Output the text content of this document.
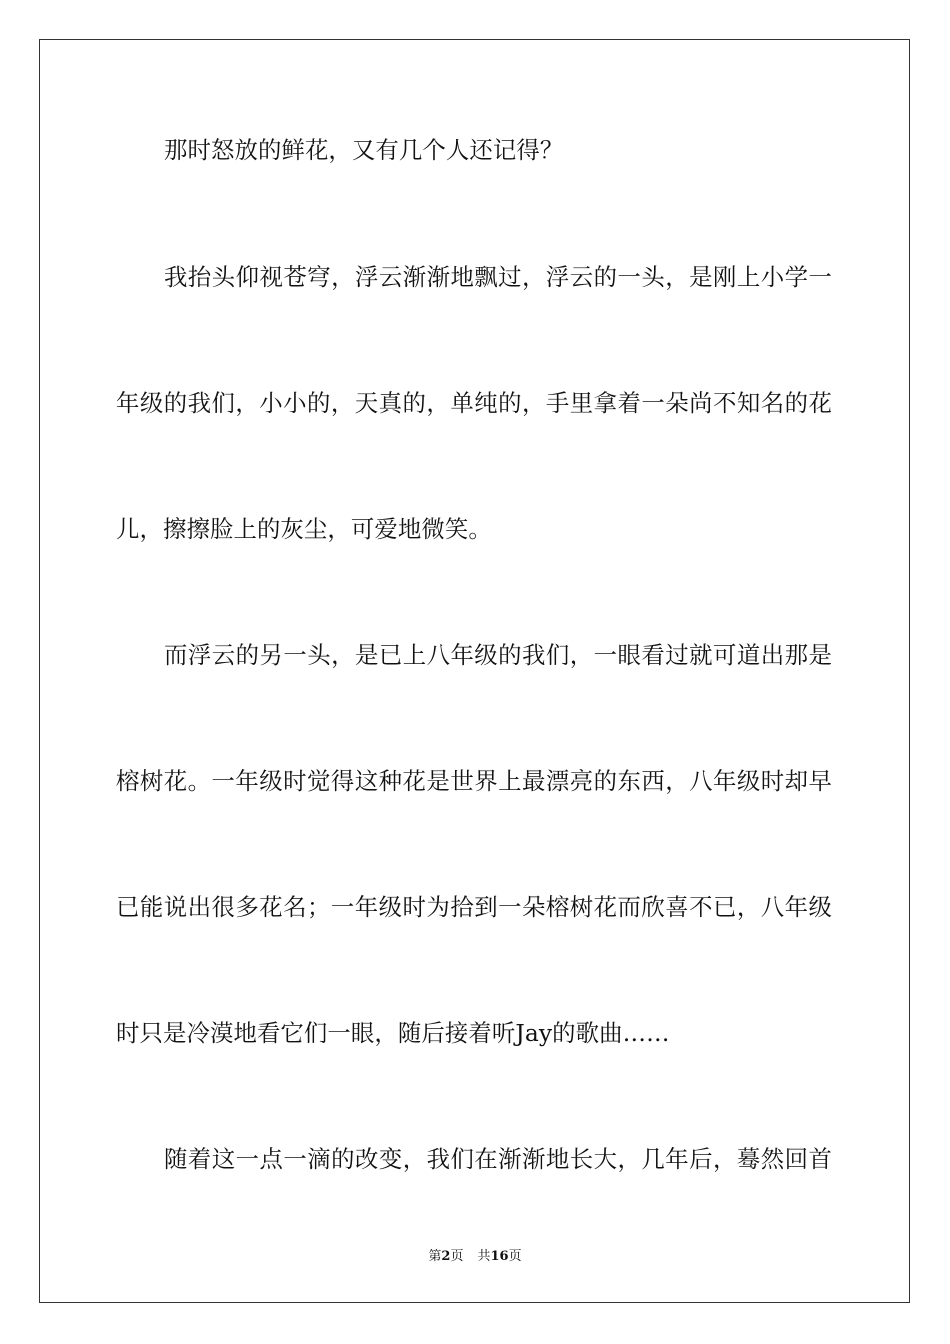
那时怒放的鲜花，又有几个人还记得？
我抬头仰视苍穹，浮云渐渐地飘过，浮云的一头，是刚上小学一
年级的我们，小小的，天真的，单纯的，手里拿着一朵尚不知名的花
儿，擦擦脸上的灰尘，可爱地微笑。
而浮云的另一头，是已上八年级的我们，一眼看过就可道出那是
榕树花。一年级时觉得这种花是世界上最漂亮的东西，八年级时却早
已能说出很多花名；一年级时为拾到一朵榕树花而欣喜不已，八年级
时只是冷漠地看它们一眼，随后接着听Jay的歌曲……
随着这一点一滴的改变，我们在渐渐地长大，几年后，蓦然回首
第2页 共16页
